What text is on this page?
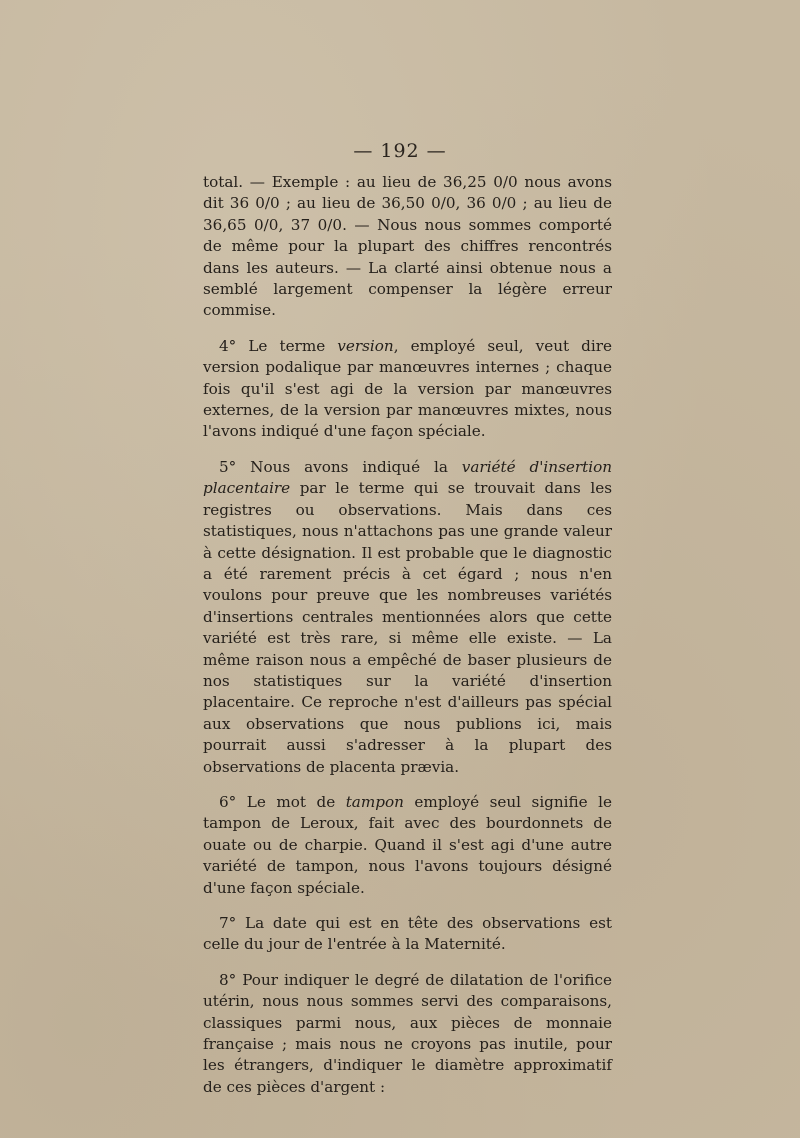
— 192 —

total. — Exemple : au lieu de 36,25 0/0 nous avons dit 36 0/0 ; au lieu de 36,50 0/0, 36 0/0 ; au lieu de 36,65 0/0, 37 0/0. — Nous nous sommes comporté de même pour la plupart des chiffres rencontrés dans les auteurs. — La clarté ainsi obtenue nous a semblé largement compenser la légère erreur commise.

4° Le terme version, employé seul, veut dire version podalique par manœuvres internes ; chaque fois qu'il s'est agi de la version par manœuvres externes, de la version par manœuvres mixtes, nous l'avons indiqué d'une façon spéciale.

5° Nous avons indiqué la variété d'insertion placentaire par le terme qui se trouvait dans les registres ou observations. Mais dans ces statistiques, nous n'attachons pas une grande valeur à cette désignation. Il est probable que le diagnostic a été rarement précis à cet égard ; nous n'en voulons pour preuve que les nombreuses variétés d'insertions centrales mentionnées alors que cette variété est très rare, si même elle existe. — La même raison nous a empêché de baser plusieurs de nos statistiques sur la variété d'insertion placentaire. Ce reproche n'est d'ailleurs pas spécial aux observations que nous publions ici, mais pourrait aussi s'adresser à la plupart des observations de placenta prævia.

6° Le mot de tampon employé seul signifie le tampon de Leroux, fait avec des bourdonnets de ouate ou de charpie. Quand il s'est agi d'une autre variété de tampon, nous l'avons toujours désigné d'une façon spéciale.

7° La date qui est en tête des observations est celle du jour de l'entrée à la Maternité.

8° Pour indiquer le degré de dilatation de l'orifice utérin, nous nous sommes servi des comparaisons, classiques parmi nous, aux pièces de monnaie française ; mais nous ne croyons pas inutile, pour les étrangers, d'indiquer le diamètre approximatif de ces pièces d'argent :
